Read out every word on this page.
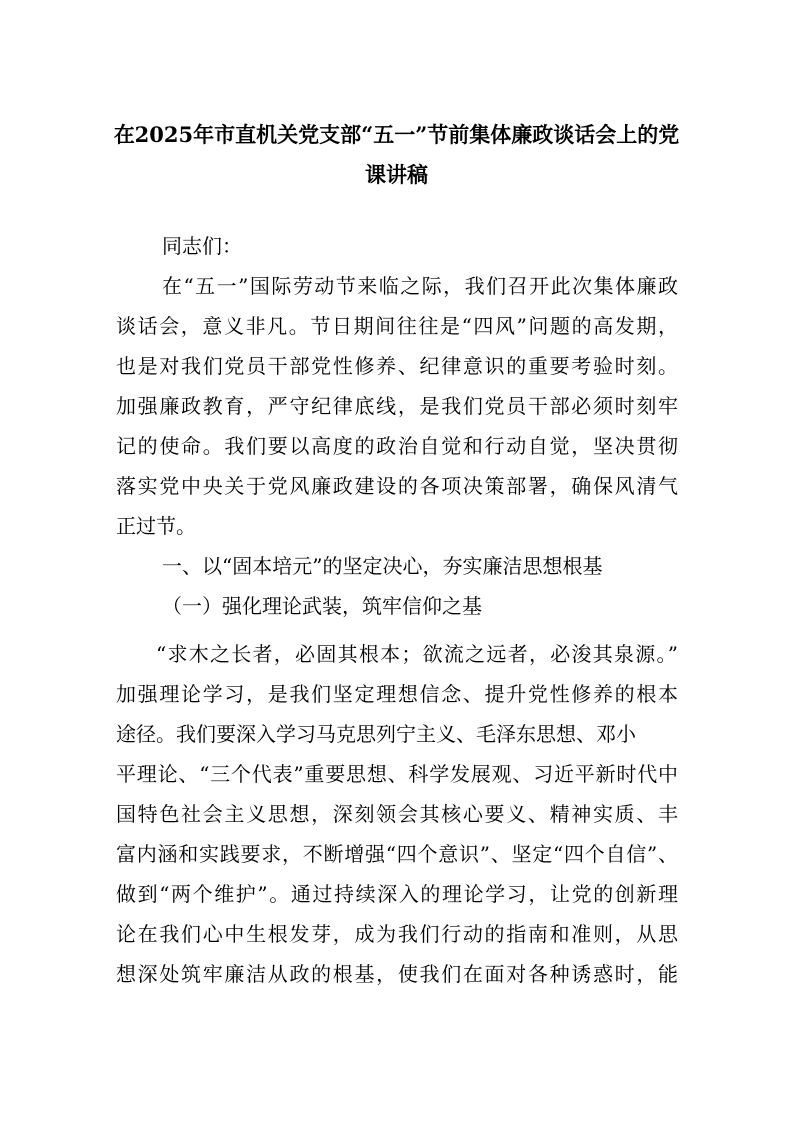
在2025年市直机关党支部“五一”节前集体廉政谈话会上的党
课讲稿
同志们：
在“五一”国际劳动节来临之际，我们召开此次集体廉政
谈话会，意义非凡。节日期间往往是“四风”问题的高发期，
也是对我们党员干部党性修养、纪律意识的重要考验时刻。
加强廉政教育，严守纪律底线，是我们党员干部必须时刻牢
记的使命。我们要以高度的政治自觉和行动自觉，坚决贯彻
落实党中央关于党风廉政建设的各项决策部署，确保风清气
正过节。
一、以“固本培元”的坚定决心，夯实廉洁思想根基
（一）强化理论武装，筑牢信仰之基
“求木之长者，必固其根本；欲流之远者，必浚其泉源。”
加强理论学习，是我们坚定理想信念、提升党性修养的根本
途径。我们要深入学习马克思列宁主义、毛泽东思想、邓小
平理论、“三个代表”重要思想、科学发展观、习近平新时代中
国特色社会主义思想，深刻领会其核心要义、精神实质、丰
富内涵和实践要求，不断增强“四个意识”、坚定“四个自信”、
做到“两个维护”。通过持续深入的理论学习，让党的创新理
论在我们心中生根发芽，成为我们行动的指南和准则，从思
想深处筑牢廉洁从政的根基，使我们在面对各种诱惑时，能
